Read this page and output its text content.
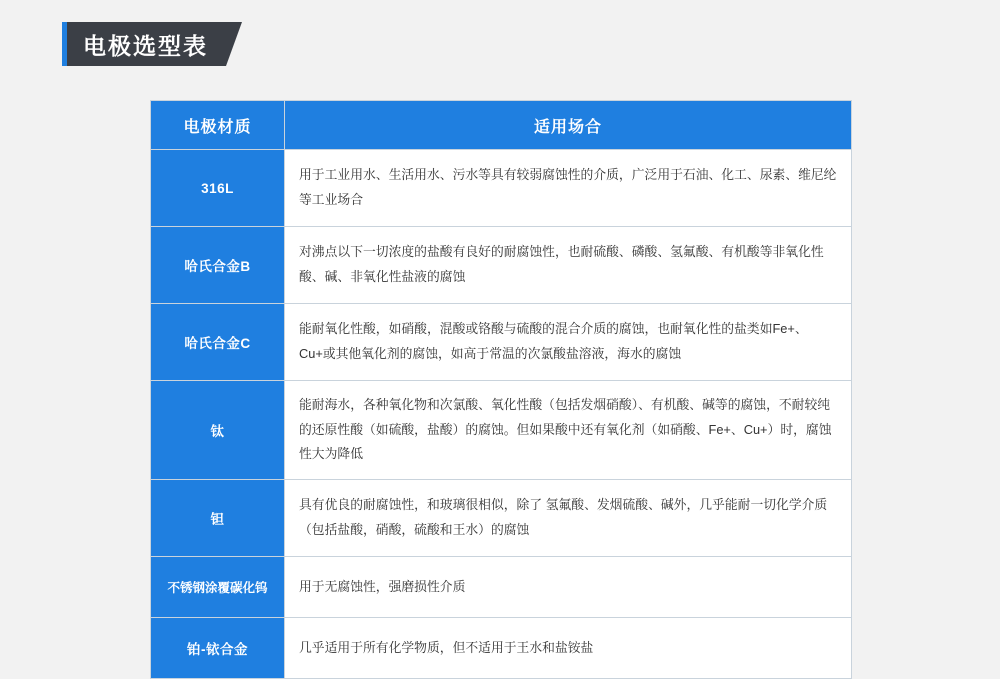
电极选型表
电极材质	适用场合
316L	用于工业用水、生活用水、污水等具有较弱腐蚀性的介质，广泛用于石油、化工、尿素、维尼纶等工业场合
哈氏合金B	对沸点以下一切浓度的盐酸有良好的耐腐蚀性，也耐硫酸、磷酸、氢氟酸、有机酸等非氧化性酸、碱、非氧化性盐液的腐蚀
哈氏合金C	能耐氧化性酸，如硝酸，混酸或铬酸与硫酸的混合介质的腐蚀，也耐氧化性的盐类如Fe+、Cu+或其他氧化剂的腐蚀，如高于常温的次氯酸盐溶液，海水的腐蚀
钛	能耐海水，各种氧化物和次氯酸、氧化性酸（包括发烟硝酸）、有机酸、碱等的腐蚀，不耐较纯的还原性酸（如硫酸，盐酸）的腐蚀。但如果酸中还有氧化剂（如硝酸、Fe+、Cu+）时，腐蚀性大为降低
钽	具有优良的耐腐蚀性，和玻璃很相似，除了 氢氟酸、发烟硫酸、碱外，几乎能耐一切化学介质（包括盐酸，硝酸，硫酸和王水）的腐蚀
不锈钢涂覆碳化钨	用于无腐蚀性，强磨损性介质
铂-铱合金	几乎适用于所有化学物质，但不适用于王水和盐铵盐
